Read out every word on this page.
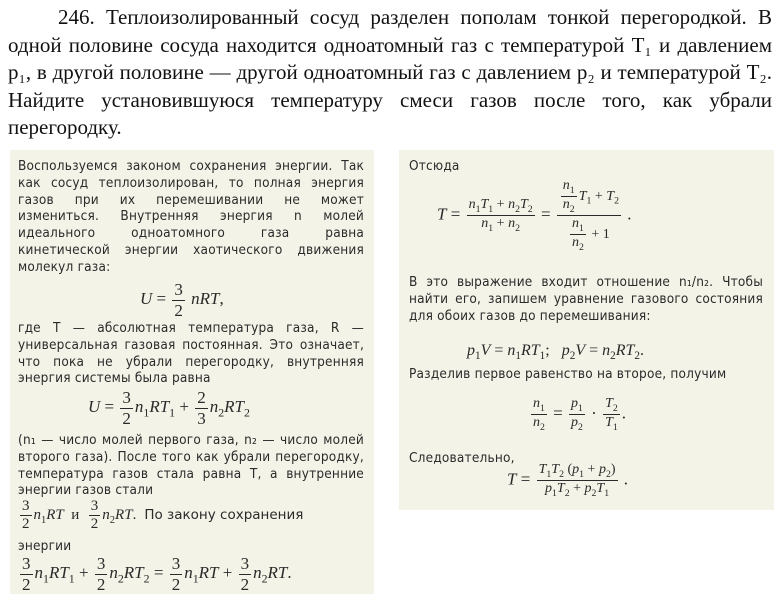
246. Теплоизолированный сосуд разделен пополам тонкой перегородкой. В одной половине сосуда находится одноатомный газ с температурой T₁ и давлением p₁, в другой половине — другой одноатомный газ с давлением p₂ и температурой T₂. Найдите установившуюся температуру смеси газов после того, как убрали перегородку.
Воспользуемся законом сохранения энергии. Так как сосуд теплоизолирован, то полная энергия газов при их перемешивании не может измениться. Внутренняя энергия n молей идеального одноатомного газа равна кинетической энергии хаотического движения молекул газа:
$U = \frac{3}{2}$ nRT,
где T — абсолютная температура газа, R — универсальная газовая постоянная. Это означает, что пока не убрали перегородку, внутренняя энергия системы была равна
$U = \frac{3}{2} n_1RT_1 + \frac{2}{3} n_2RT_2$
(n₁ — число молей первого газа, n₂ — число молей второго газа). После того как убрали перегородку, температура газов стала равна T, а внутренние энергии газов стали
$\frac{3}{2} n_1RT$  и $\frac{3}{2} n_2RT$.  По закону сохранения
энергии
$\frac{3}{2} n_1RT_1 + \frac{3}{2} n_2RT_2 = \frac{3}{2} n_1RT + \frac{3}{2} n_2RT$.
Отсюда
$T = \frac{n_1T_1 + n_2T_2}{n_1 + n_2} = \frac{\frac{n_1}{n_2} T_1 + T_2}{\frac{n_1}{n_2} + 1}$ .
В это выражение входит отношение n₁/n₂. Чтобы найти его, запишем уравнение газового состояния для обоих газов до перемешивания:
$p_1V = n_1RT_1$;   $p_2V = n_2RT_2$.
Разделив первое равенство на второе, получим
$\frac{n_1}{n_2} = \frac{p_1}{p_2} \cdot \frac{T_2}{T_1}$ .
Следовательно,
$T = \frac{T_1T_2 (p_1 + p_2)}{p_1T_2 + p_2T_1}$ .
